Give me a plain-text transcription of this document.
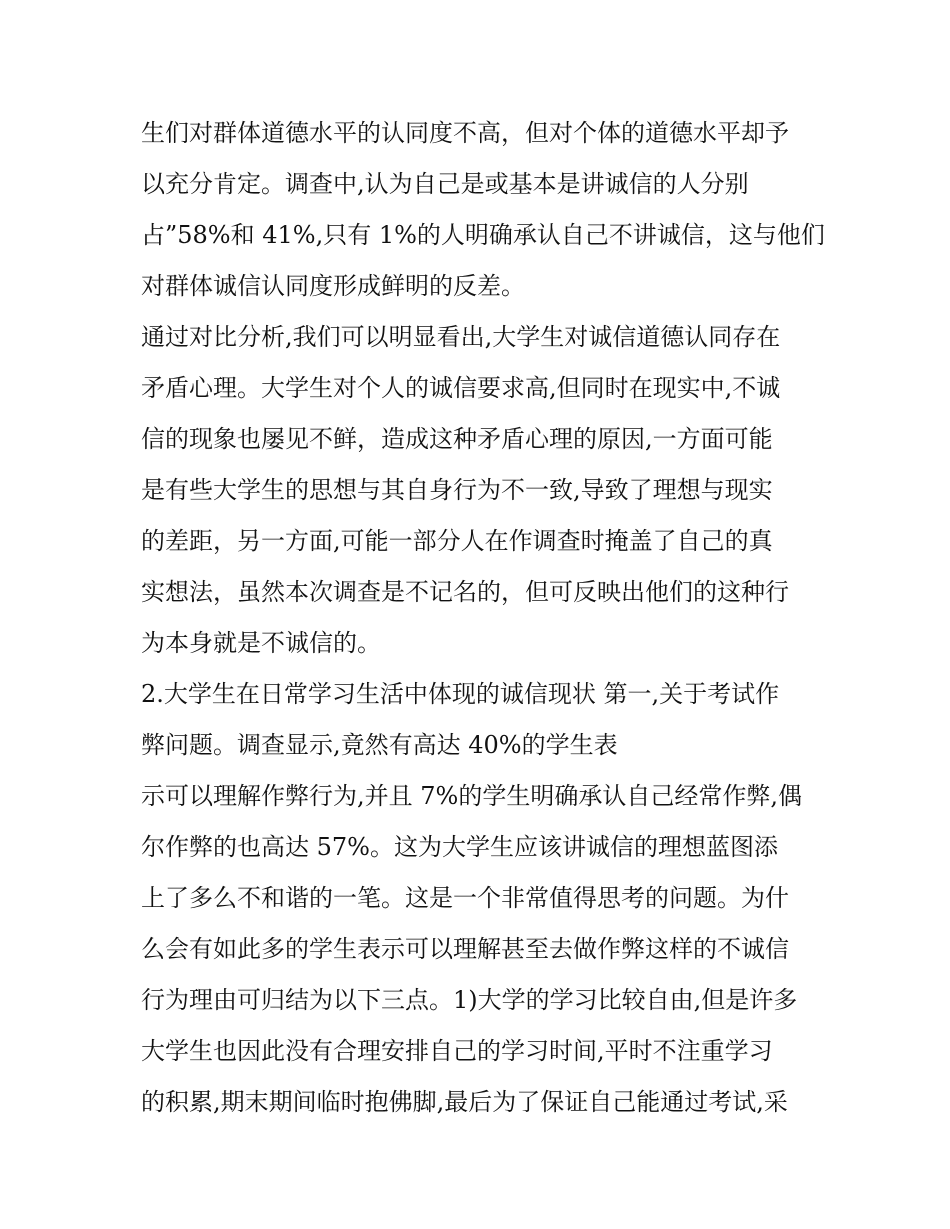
生们对群体道德水平的认同度不高，但对个体的道德水平却予
以充分肯定。调查中,认为自己是或基本是讲诚信的人分别
占”58%和 41%,只有 1%的人明确承认自己不讲诚信，这与他们
对群体诚信认同度形成鲜明的反差。
通过对比分析,我们可以明显看出,大学生对诚信道德认同存在
矛盾心理。大学生对个人的诚信要求高,但同时在现实中,不诚
信的现象也屡见不鲜，造成这种矛盾心理的原因,一方面可能
是有些大学生的思想与其自身行为不一致,导致了理想与现实
的差距，另一方面,可能一部分人在作调查时掩盖了自己的真
实想法，虽然本次调查是不记名的，但可反映出他们的这种行
为本身就是不诚信的。
2.大学生在日常学习生活中体现的诚信现状 第一,关于考试作
弊问题。调查显示,竟然有高达 40%的学生表
示可以理解作弊行为,并且 7%的学生明确承认自己经常作弊,偶
尔作弊的也高达 57%。这为大学生应该讲诚信的理想蓝图添
上了多么不和谐的一笔。这是一个非常值得思考的问题。为什
么会有如此多的学生表示可以理解甚至去做作弊这样的不诚信
行为理由可归结为以下三点。1)大学的学习比较自由,但是许多
大学生也因此没有合理安排自己的学习时间,平时不注重学习
的积累,期末期间临时抱佛脚,最后为了保证自己能通过考试,采
